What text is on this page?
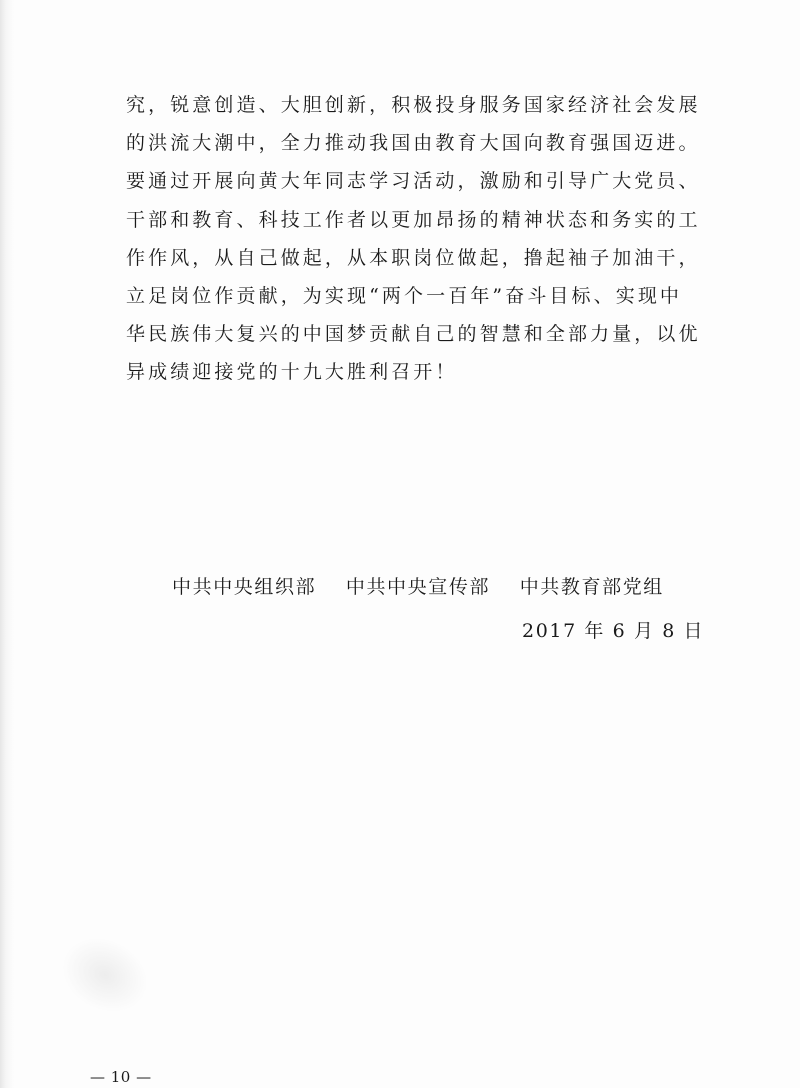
究，锐意创造、大胆创新，积极投身服务国家经济社会发展
的洪流大潮中，全力推动我国由教育大国向教育强国迈进。
要通过开展向黄大年同志学习活动，激励和引导广大党员、
干部和教育、科技工作者以更加昂扬的精神状态和务实的工
作作风，从自己做起，从本职岗位做起，撸起袖子加油干，
立足岗位作贡献，为实现“两个一百年”奋斗目标、实现中
华民族伟大复兴的中国梦贡献自己的智慧和全部力量，以优
异成绩迎接党的十九大胜利召开！
中共中央组织部 中共中央宣传部 中共教育部党组
2017 年 6 月 8 日
— 10 —
